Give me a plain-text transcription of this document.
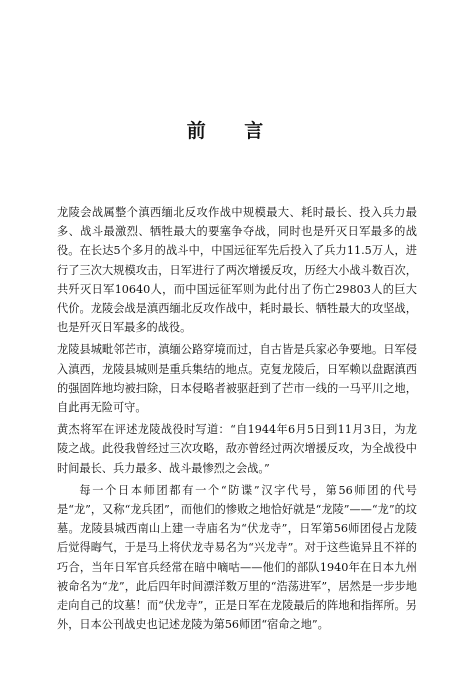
前 言

龙陵会战属整个滇西缅北反攻作战中规模最大、耗时最长、投入兵力最多、战斗最激烈、牺牲最大的要塞争夺战，同时也是歼灭日军最多的战役。在长达5个多月的战斗中，中国远征军先后投入了兵力11.5万人，进行了三次大规模攻击，日军进行了两次增援反攻，历经大小战斗数百次，共歼灭日军10640人，而中国远征军则为此付出了伤亡29803人的巨大代价。龙陵会战是滇西缅北反攻作战中，耗时最长、牺牲最大的攻坚战，也是歼灭日军最多的战役。

龙陵县城毗邻芒市，滇缅公路穿境而过，自古皆是兵家必争要地。日军侵入滇西，龙陵县城则是重兵集结的地点。克复龙陵后，日军赖以盘踞滇西的强固阵地均被扫除，日本侵略者被驱赶到了芒市一线的一马平川之地，自此再无险可守。

黄杰将军在评述龙陵战役时写道：“自1944年6月5日到11月3日，为龙陵之战。此役我曾经过三次攻略，敌亦曾经过两次增援反攻，为全战役中时间最长、兵力最多、战斗最惨烈之会战。”

每一个日本师团都有一个“防谍”汉字代号，第56师团的代号是“龙”，又称“龙兵团”，而他们的惨败之地恰好就是“龙陵”——“龙”的坟墓。龙陵县城西南山上建一寺庙名为“伏龙寺”，日军第56师团侵占龙陵后觉得晦气，于是马上将伏龙寺易名为“兴龙寺”。对于这些诡异且不祥的巧合，当年日军官兵经常在暗中嘀咕——他们的部队1940年在日本九州被命名为“龙”，此后四年时间漂洋数万里的“浩荡进军”，居然是一步步地走向自己的坟墓！而“伏龙寺”，正是日军在龙陵最后的阵地和指挥所。另外，日本公刊战史也记述龙陵为第56师团“宿命之地”。
